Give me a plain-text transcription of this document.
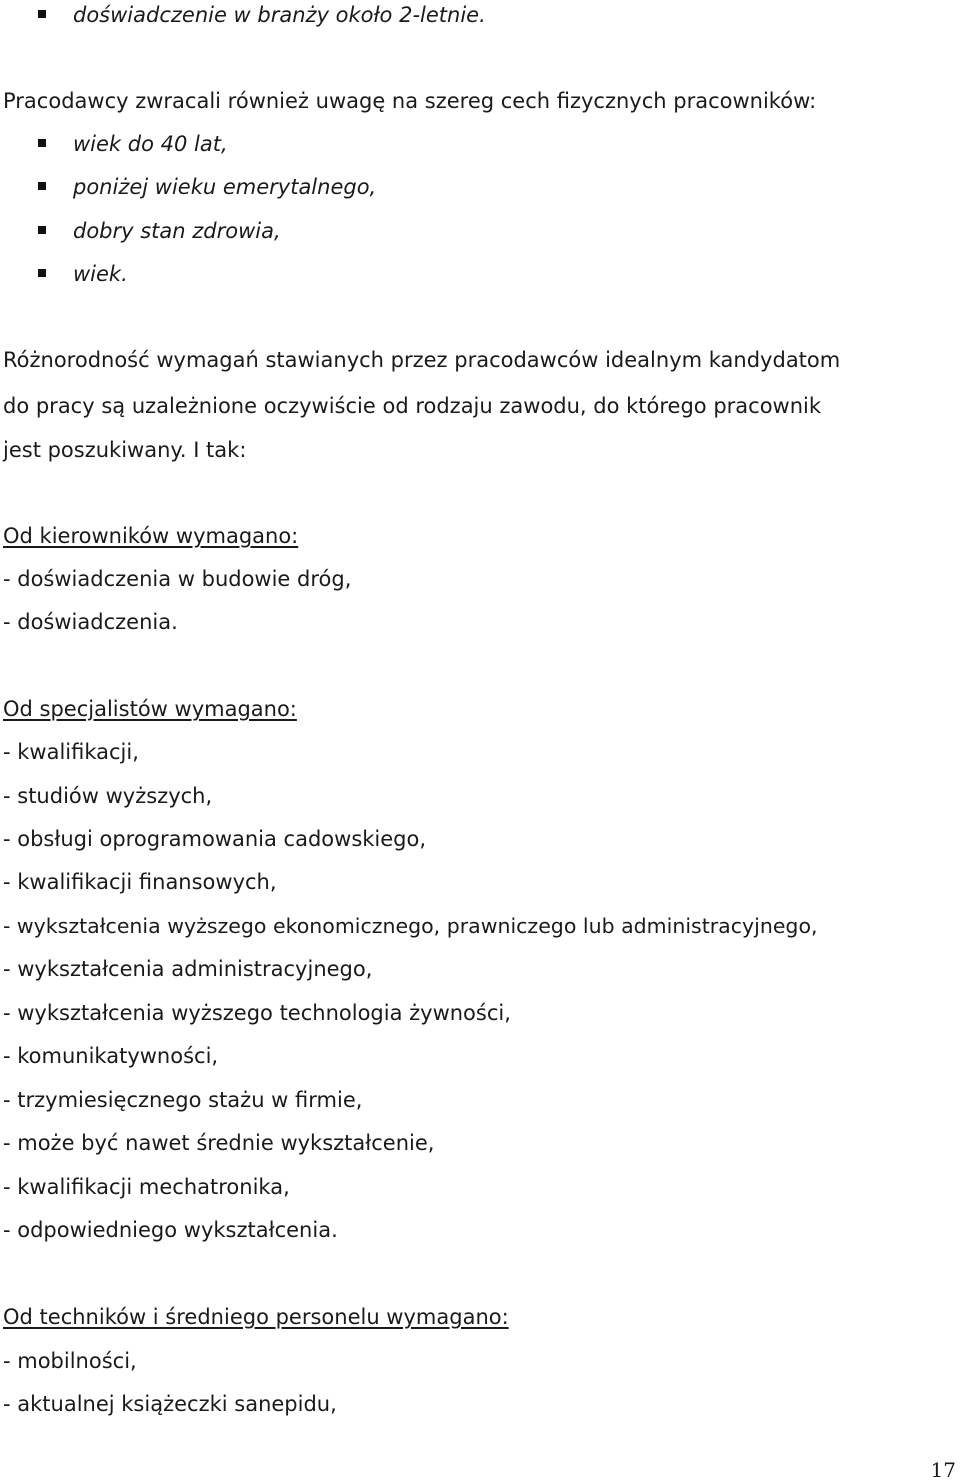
doświadczenie w branży około 2-letnie.
Pracodawcy zwracali również uwagę na szereg cech fizycznych pracowników:
wiek do 40 lat,
poniżej wieku emerytalnego,
dobry stan zdrowia,
wiek.
Różnorodność wymagań stawianych przez pracodawców idealnym kandydatom
do pracy są uzależnione oczywiście od rodzaju zawodu, do którego pracownik
jest poszukiwany. I tak:
Od kierowników wymagano:
- doświadczenia w budowie dróg,
- doświadczenia.
Od specjalistów wymagano:
- kwalifikacji,
- studiów wyższych,
- obsługi oprogramowania cadowskiego,
- kwalifikacji finansowych,
- wykształcenia wyższego ekonomicznego, prawniczego lub administracyjnego,
- wykształcenia administracyjnego,
- wykształcenia wyższego technologia żywności,
- komunikatywności,
- trzymiesięcznego stażu w firmie,
- może być nawet średnie wykształcenie,
- kwalifikacji mechatronika,
- odpowiedniego wykształcenia.
Od techników i średniego personelu wymagano:
- mobilności,
- aktualnej książeczki sanepidu,
17
